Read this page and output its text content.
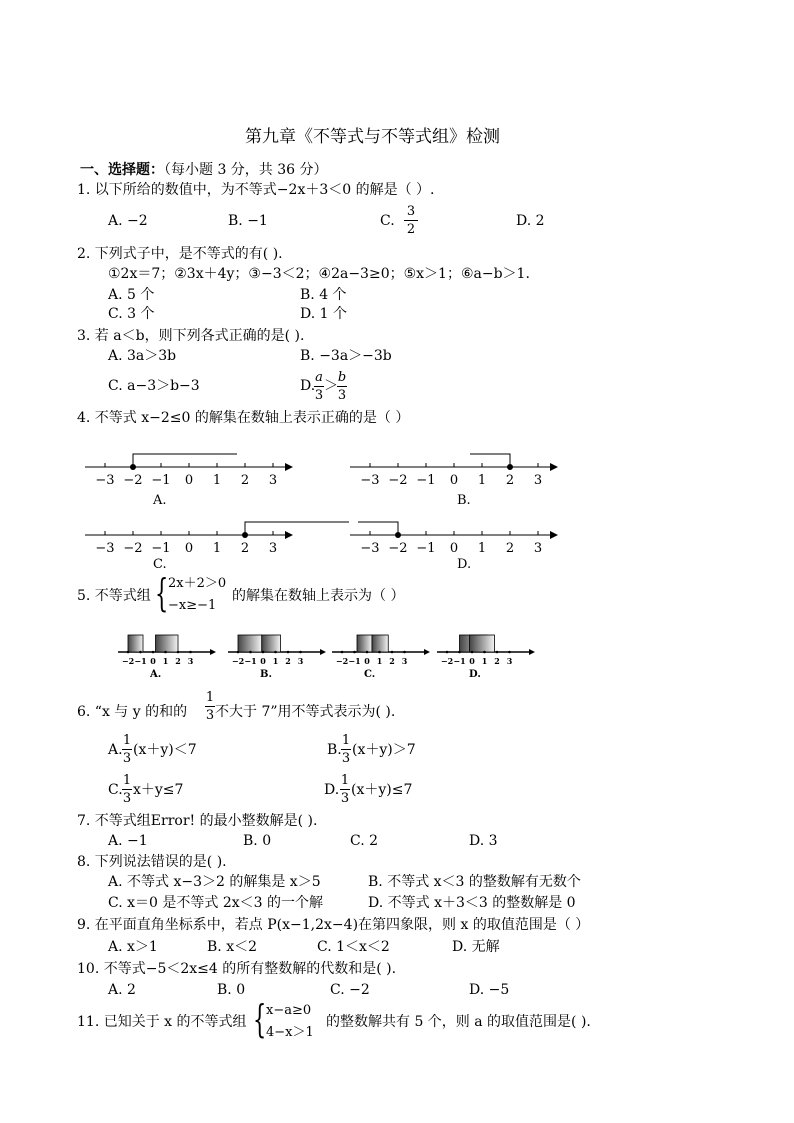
第九章《不等式与不等式组》检测
一、选择题：（每小题 3 分，共 36 分）
1. 以下所给的数值中，为不等式−2x＋3＜0 的解是（ ）.
A. −2	B. −1	C.
3
2
D. 2
2. 下列式子中，是不等式的有( ).
①2x＝7；②3x＋4y；③−3＜2；④2a−3≥0；⑤x＞1；⑥a−b＞1.
A. 5 个	B. 4 个
C. 3 个	D. 1 个
3. 若 a＜b，则下列各式正确的是( ).
A. 3a＞3b	B. −3a＞−3b
C. a−3＞b−3	D.
a
3
＞
b
3
4. 不等式 x−2≤0 的解集在数轴上表示正确的是（ ）
−3 −2 −1 0 1 2 3
A.
−3 −2 −1 0 1 2 3
B.
−3 −2 −1 0 1 2 3
C.
−3 −2 −1 0 1 2 3
D.
5. 不等式组 { 2x＋2＞0
−x≥−1
的解集在数轴上表示为（ ）
−2 −1 0 1 2 3
A.
−2 −1 0 1 2 3
B.
−2 −1 0 1 2 3
C.
−2 −1 0 1 2 3
D.
6. “x 与 y 的和的
1
3 不大于 7”用不等式表示为( ).
A.
1
3
(x＋y)＜7	B.
1
3
(x＋y)＞7
C.
1
3
x＋y≤7	D.
1
3
(x＋y)≤7
7. 不等式组Error! 的最小整数解是( ).
A. −1	B. 0	C. 2	D. 3
8. 下列说法错误的是( ).
A. 不等式 x−3＞2 的解集是 x＞5	B. 不等式 x＜3 的整数解有无数个
C. x＝0 是不等式 2x＜3 的一个解	D. 不等式 x＋3＜3 的整数解是 0
9. 在平面直角坐标系中，若点 P(x−1,2x−4)在第四象限，则 x 的取值范围是（ ）
A. x＞1	B. x＜2	C. 1＜x＜2	D. 无解
10. 不等式−5＜2x≤4 的所有整数解的代数和是( ).
A. 2	B. 0	C. −2	D. −5
11. 已知关于 x 的不等式组 { x−a≥0
4−x＞1
的整数解共有 5 个，则 a 的取值范围是( ).
